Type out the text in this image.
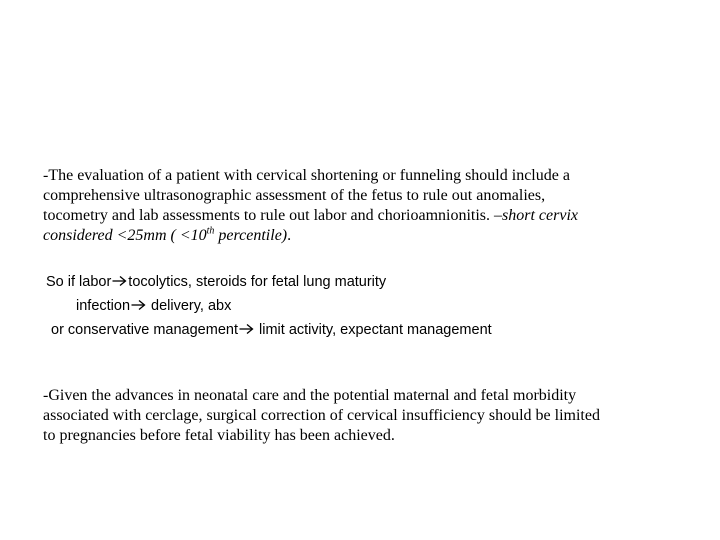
-The evaluation of a patient with cervical shortening or funneling should include a comprehensive ultrasonographic assessment of the fetus to rule out anomalies, tocometry and lab assessments to rule out labor and chorioamnionitis. –short cervix considered <25mm ( <10th percentile).

So if labor tocolytics, steroids for fetal lung maturity
infection delivery, abx
or conservative management limit activity, expectant management

-Given the advances in neonatal care and the potential maternal and fetal morbidity associated with cerclage, surgical correction of cervical insufficiency should be limited to pregnancies before fetal viability has been achieved.
